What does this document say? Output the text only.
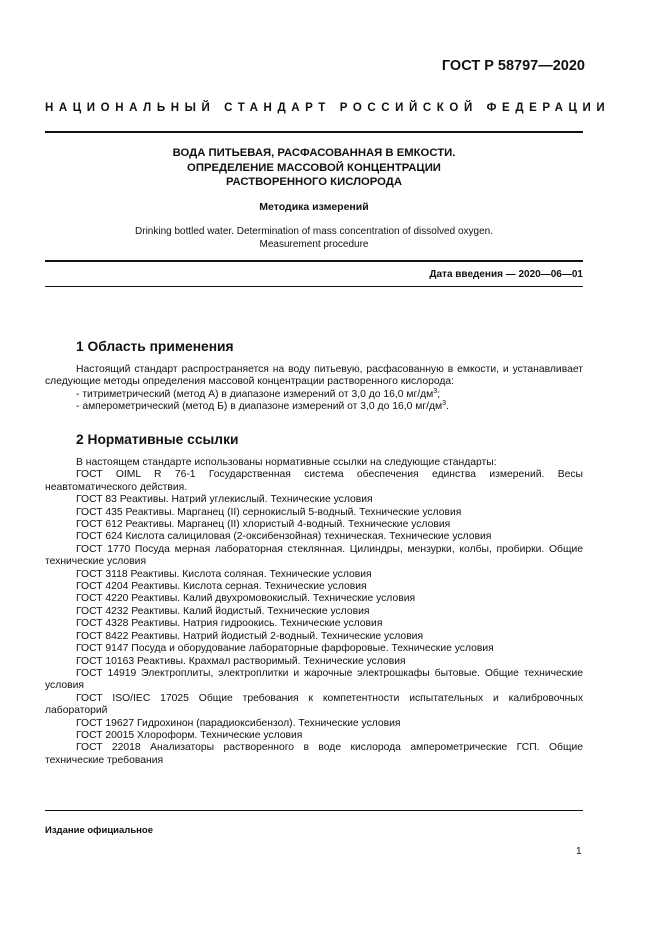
ГОСТ Р 58797—2020
НАЦИОНАЛЬНЫЙ СТАНДАРТ РОССИЙСКОЙ ФЕДЕРАЦИИ
ВОДА ПИТЬЕВАЯ, РАСФАСОВАННАЯ В ЕМКОСТИ.
ОПРЕДЕЛЕНИЕ МАССОВОЙ КОНЦЕНТРАЦИИ
РАСТВОРЕННОГО КИСЛОРОДА
Методика измерений
Drinking bottled water. Determination of mass concentration of dissolved oxygen.
Measurement procedure
Дата введения — 2020—06—01
1 Область применения

Настоящий стандарт распространяется на воду питьевую, расфасованную в емкости, и устанавливает следующие методы определения массовой концентрации растворенного кислорода:

- титриметрический (метод А) в диапазоне измерений от 3,0 до 16,0 $мг/дм^3$;

- амперометрический (метод Б) в диапазоне измерений от 3,0 до 16,0 $мг/дм^3$.

2 Нормативные ссылки

В настоящем стандарте использованы нормативные ссылки на следующие стандарты:

ГОСТ OIML R 76-1 Государственная система обеспечения единства измерений. Весы неавтоматического действия.

ГОСТ 83 Реактивы. Натрий углекислый. Технические условия

ГОСТ 435 Реактивы. Марганец (II) сернокислый 5-водный. Технические условия

ГОСТ 612 Реактивы. Марганец (II) хлористый 4-водный. Технические условия

ГОСТ 624 Кислота салициловая (2-оксибензойная) техническая. Технические условия

ГОСТ 1770 Посуда мерная лабораторная стеклянная. Цилиндры, мензурки, колбы, пробирки. Общие технические условия

ГОСТ 3118 Реактивы. Кислота соляная. Технические условия

ГОСТ 4204 Реактивы. Кислота серная. Технические условия

ГОСТ 4220 Реактивы. Калий двухромовокислый. Технические условия

ГОСТ 4232 Реактивы. Калий йодистый. Технические условия

ГОСТ 4328 Реактивы. Натрия гидроокись. Технические условия

ГОСТ 8422 Реактивы. Натрий йодистый 2-водный. Технические условия

ГОСТ 9147 Посуда и оборудование лабораторные фарфоровые. Технические условия

ГОСТ 10163 Реактивы. Крахмал растворимый. Технические условия

ГОСТ 14919 Электроплиты, электроплитки и жарочные электрошкафы бытовые. Общие технические условия

ГОСТ ISO/IEC 17025 Общие требования к компетентности испытательных и калибровочных лабораторий

ГОСТ 19627 Гидрохинон (парадиоксибензол). Технические условия

ГОСТ 20015 Хлороформ. Технические условия

ГОСТ 22018 Анализаторы растворенного в воде кислорода амперометрические ГСП. Общие технические требования

Издание официальное
1
